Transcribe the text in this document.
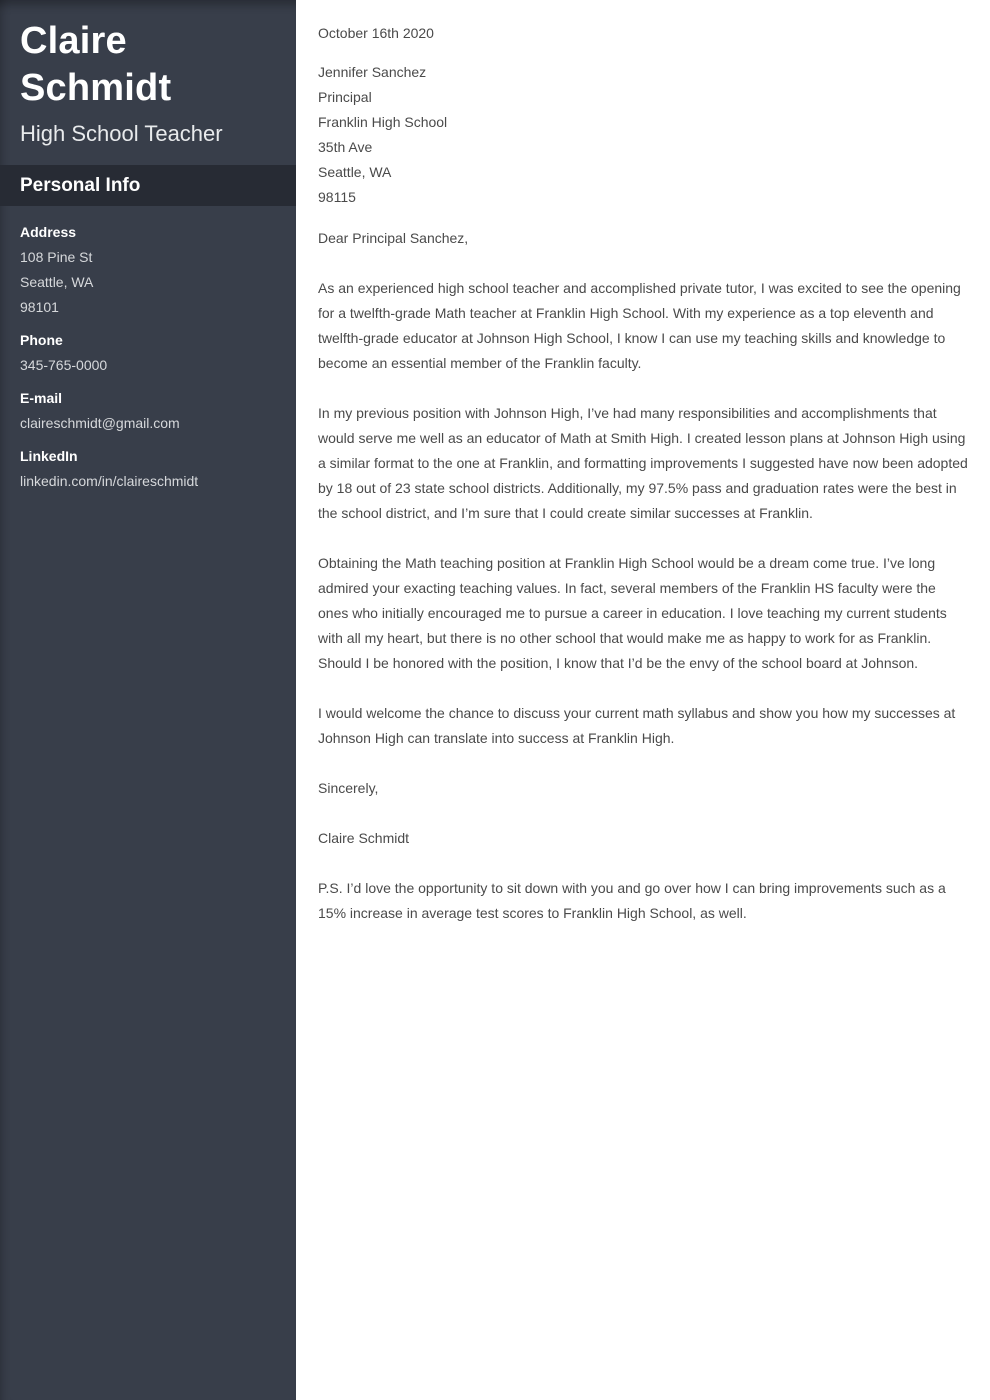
Claire Schmidt
High School Teacher
Personal Info
Address
108 Pine St
Seattle, WA
98101
Phone
345-765-0000
E-mail
claireschmidt@gmail.com
LinkedIn
linkedin.com/in/claireschmidt
October 16th 2020
Jennifer Sanchez
Principal
Franklin High School
35th Ave
Seattle, WA
98115

Dear Principal Sanchez,

As an experienced high school teacher and accomplished private tutor, I was excited to see the opening for a twelfth-grade Math teacher at Franklin High School. With my experience as a top eleventh and twelfth-grade educator at Johnson High School, I know I can use my teaching skills and knowledge to become an essential member of the Franklin faculty.

In my previous position with Johnson High, I’ve had many responsibilities and accomplishments that would serve me well as an educator of Math at Smith High. I created lesson plans at Johnson High using a similar format to the one at Franklin, and formatting improvements I suggested have now been adopted by 18 out of 23 state school districts. Additionally, my 97.5% pass and graduation rates were the best in the school district, and I’m sure that I could create similar successes at Franklin.

Obtaining the Math teaching position at Franklin High School would be a dream come true. I’ve long admired your exacting teaching values. In fact, several members of the Franklin HS faculty were the ones who initially encouraged me to pursue a career in education. I love teaching my current students with all my heart, but there is no other school that would make me as happy to work for as Franklin. Should I be honored with the position, I know that I’d be the envy of the school board at Johnson.

I would welcome the chance to discuss your current math syllabus and show you how my successes at Johnson High can translate into success at Franklin High.

Sincerely,

Claire Schmidt

P.S. I’d love the opportunity to sit down with you and go over how I can bring improvements such as a 15% increase in average test scores to Franklin High School, as well.
